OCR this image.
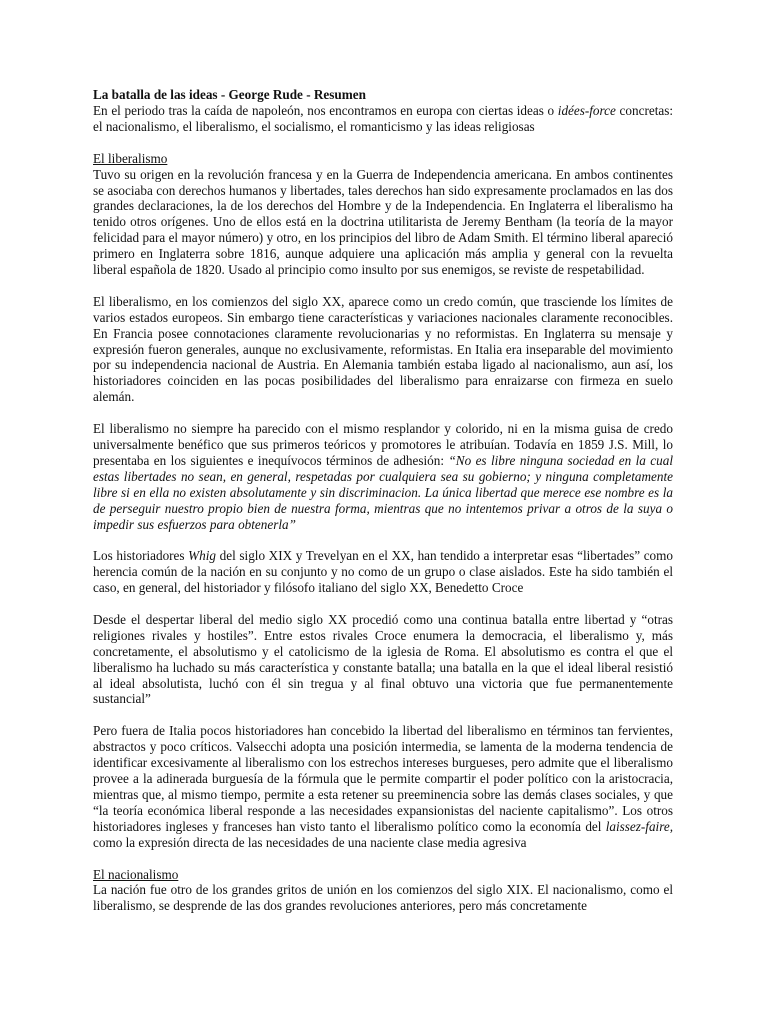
La batalla de las ideas - George Rude - Resumen

En el periodo tras la caída de napoleón, nos encontramos en europa con ciertas ideas o idées-force concretas: el nacionalismo, el liberalismo, el socialismo, el romanticismo y las ideas religiosas

El liberalismo

Tuvo su origen en la revolución francesa y en la Guerra de Independencia americana. En ambos continentes se asociaba con derechos humanos y libertades, tales derechos han sido expresamente proclamados en las dos grandes declaraciones, la de los derechos del Hombre y de la Independencia. En Inglaterra el liberalismo ha tenido otros orígenes. Uno de ellos está en la doctrina utilitarista de Jeremy Bentham (la teoría de la mayor felicidad para el mayor número) y otro, en los principios del libro de Adam Smith. El término liberal apareció primero en Inglaterra sobre 1816, aunque adquiere una aplicación más amplia y general con la revuelta liberal española de 1820. Usado al principio como insulto por sus enemigos, se reviste de respetabilidad.

El liberalismo, en los comienzos del siglo XX, aparece como un credo común, que trasciende los límites de varios estados europeos. Sin embargo tiene características y variaciones nacionales claramente reconocibles. En Francia posee connotaciones claramente revolucionarias y no reformistas. En Inglaterra su mensaje y expresión fueron generales, aunque no exclusivamente, reformistas. En Italia era inseparable del movimiento por su independencia nacional de Austria. En Alemania también estaba ligado al nacionalismo, aun así, los historiadores coinciden en las pocas posibilidades del liberalismo para enraizarse con firmeza en suelo alemán.

El liberalismo no siempre ha parecido con el mismo resplandor y colorido, ni en la misma guisa de credo universalmente benéfico que sus primeros teóricos y promotores le atribuían. Todavía en 1859 J.S. Mill, lo presentaba en los siguientes e inequívocos términos de adhesión: “No es libre ninguna sociedad en la cual estas libertades no sean, en general, respetadas por cualquiera sea su gobierno; y ninguna completamente libre si en ella no existen absolutamente y sin discriminacion. La única libertad que merece ese nombre es la de perseguir nuestro propio bien de nuestra forma, mientras que no intentemos privar a otros de la suya o impedir sus esfuerzos para obtenerla”

Los historiadores Whig del siglo XIX y Trevelyan en el XX, han tendido a interpretar esas “libertades” como herencia común de la nación en su conjunto y no como de un grupo o clase aislados. Este ha sido también el caso, en general, del historiador y filósofo italiano del siglo XX, Benedetto Croce

Desde el despertar liberal del medio siglo XX procedió como una continua batalla entre libertad y “otras religiones rivales y hostiles”. Entre estos rivales Croce enumera la democracia, el liberalismo y, más concretamente, el absolutismo y el catolicismo de la iglesia de Roma. El absolutismo es contra el que el liberalismo ha luchado su más característica y constante batalla; una batalla en la que el ideal liberal resistió al ideal absolutista, luchó con él sin tregua y al final obtuvo una victoria que fue permanentemente sustancial”

Pero fuera de Italia pocos historiadores han concebido la libertad del liberalismo en términos tan fervientes, abstractos y poco críticos. Valsecchi adopta una posición intermedia, se lamenta de la moderna tendencia de identificar excesivamente al liberalismo con los estrechos intereses burgueses, pero admite que el liberalismo provee a la adinerada burguesía de la fórmula que le permite compartir el poder político con la aristocracia, mientras que, al mismo tiempo, permite a esta retener su preeminencia sobre las demás clases sociales, y que “la teoría económica liberal responde a las necesidades expansionistas del naciente capitalismo”. Los otros historiadores ingleses y franceses han visto tanto el liberalismo político como la economía del laissez-faire, como la expresión directa de las necesidades de una naciente clase media agresiva

El nacionalismo

La nación fue otro de los grandes gritos de unión en los comienzos del siglo XIX. El nacionalismo, como el liberalismo, se desprende de las dos grandes revoluciones anteriores, pero más concretamente
